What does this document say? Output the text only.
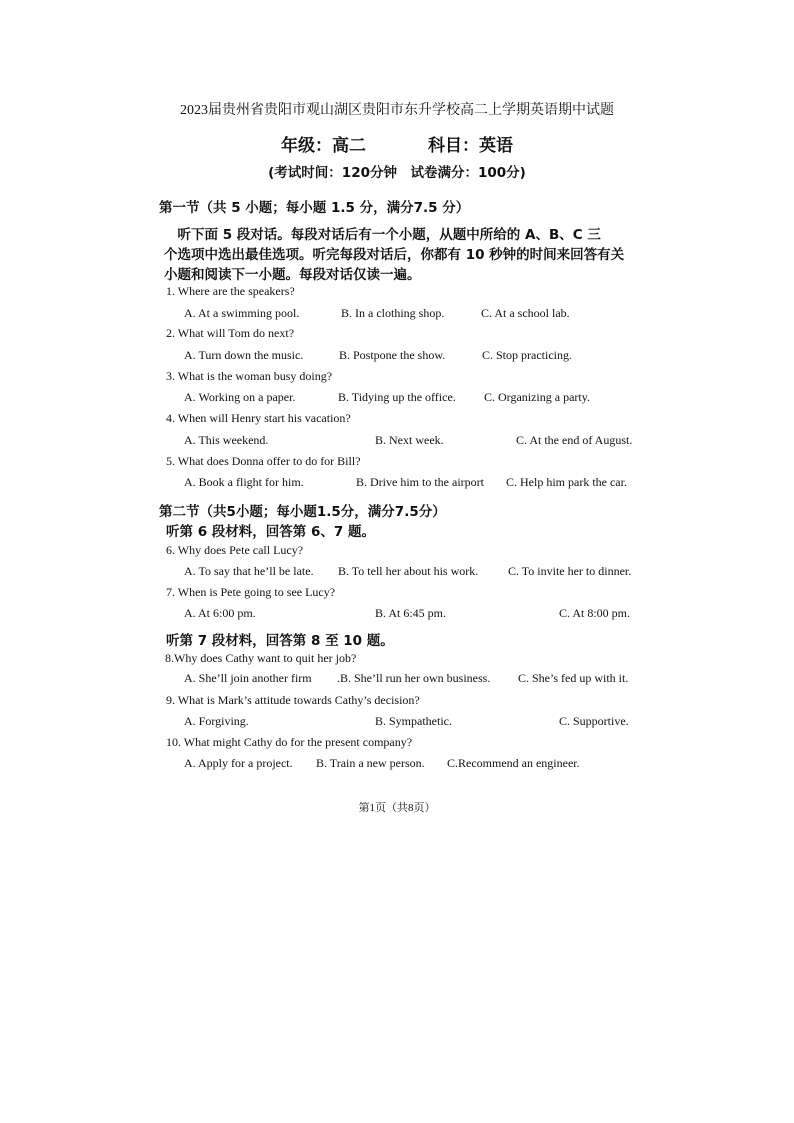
2023届贵州省贵阳市观山湖区贵阳市东升学校高二上学期英语期中试题
年级：高二	科目：英语
(考试时间：120分钟　试卷满分：100分)
第一节（共 5 小题；每小题 1.5 分，满分7.5 分）
　听下面 5 段对话。每段对话后有一个小题，从题中所给的 A、B、C 三
个选项中选出最佳选项。听完每段对话后，你都有 10 秒钟的时间来回答有关
小题和阅读下一小题。每段对话仅读一遍。
1. Where are the speakers?
A. At a swimming pool.	B. In a clothing shop.	C. At a school lab.
2. What will Tom do next?
A. Turn down the music.	B. Postpone the show.	C. Stop practicing.
3. What is the woman busy doing?
A. Working on a paper.	B. Tidying up the office. C. Organizing a party.
4. When will Henry start his vacation?
A. This weekend.	B. Next week.	C. At the end of August.
5. What does Donna offer to do for Bill?
A. Book a flight for him.	B. Drive him to the airport C. Help him park the car.
第二节（共5小题；每小题1.5分，满分7.5分）
听第 6 段材料，回答第 6、7 题。
6. Why does Pete call Lucy?
A. To say that he’ll be late. B. To tell her about his work. C. To invite her to dinner.
7. When is Pete going to see Lucy?
A. At 6:00 pm.	B. At 6:45 pm.	C. At 8:00 pm.
听第 7 段材料，回答第 8 至 10 题。
8.Why does Cathy want to quit her job?
A. She’ll join another firm .B. She’ll run her own business. C. She’s fed up with it.
9. What is Mark’s attitude towards Cathy’s decision?
A. Forgiving.	B. Sympathetic.	C. Supportive.
10. What might Cathy do for the present company?
A. Apply for a project. B. Train a new person. C.Recommend an engineer.
第1页（共8页）
